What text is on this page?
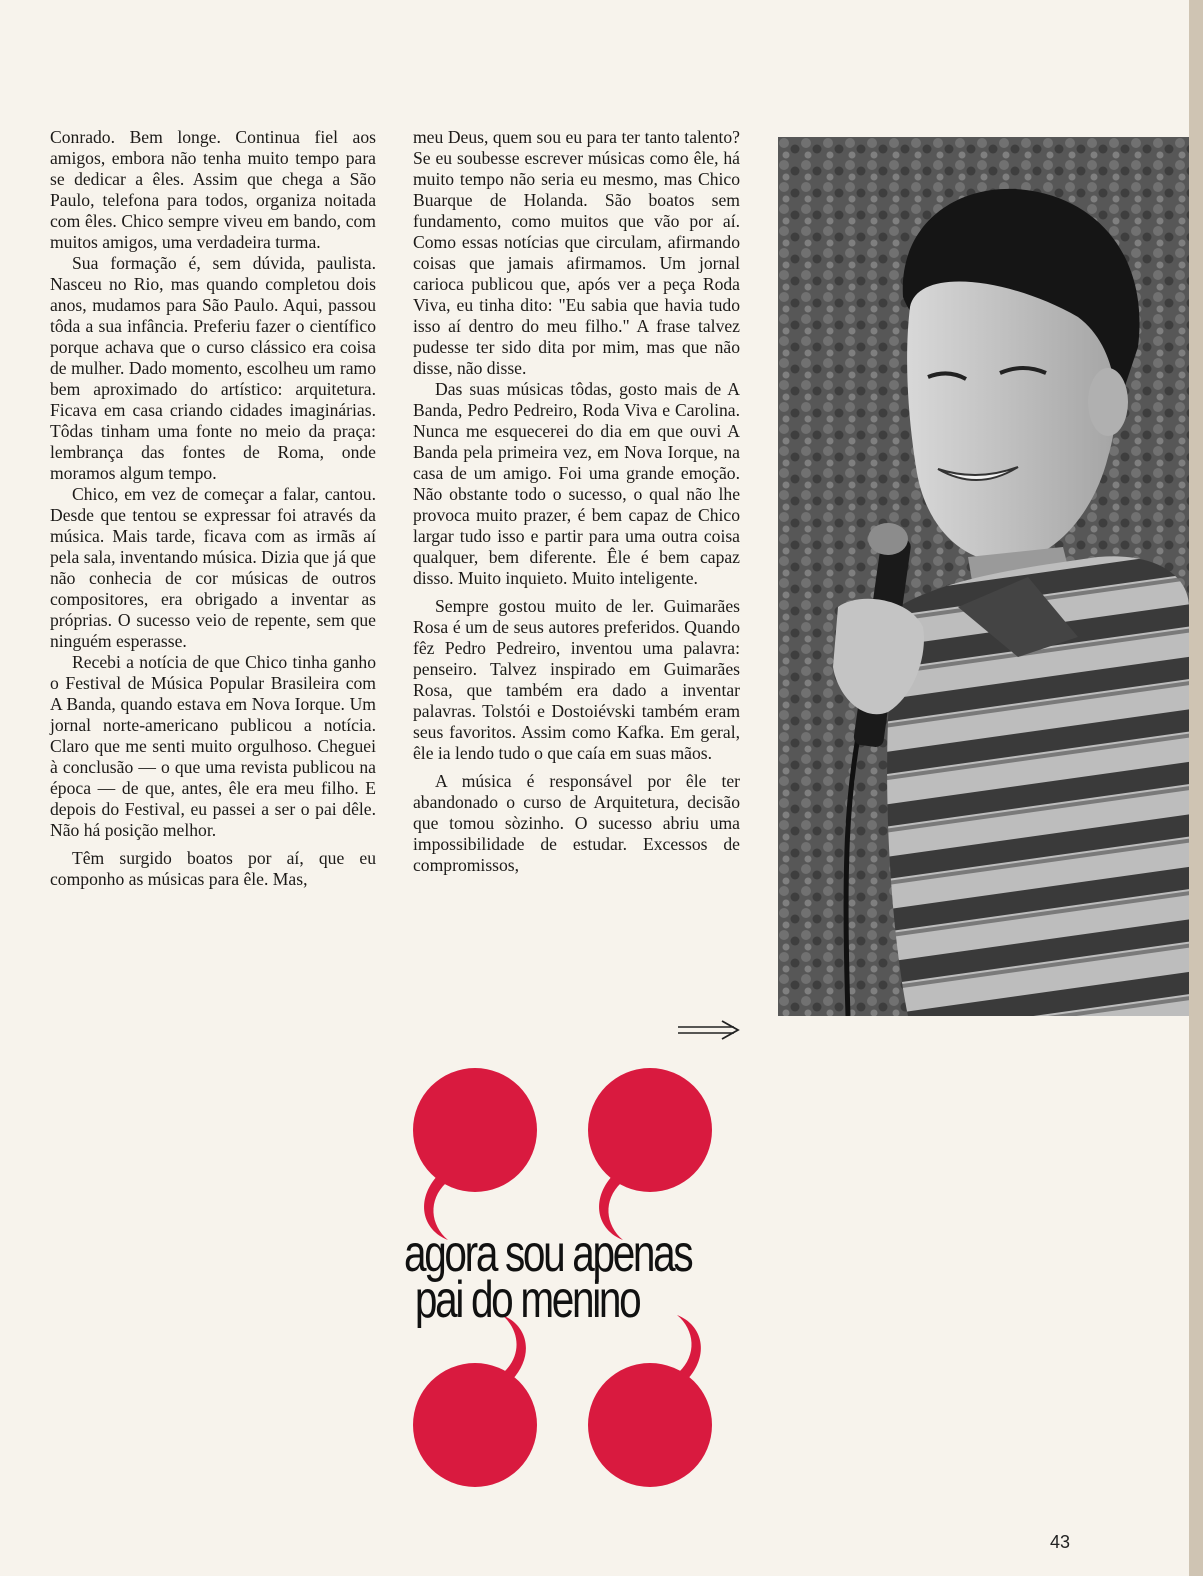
Conrado. Bem longe. Continua fiel aos amigos, embora não tenha muito tempo para se dedicar a êles. Assim que chega a São Paulo, telefona para todos, organiza noitada com êles. Chico sempre viveu em bando, com muitos amigos, uma verdadeira turma.

Sua formação é, sem dúvida, paulista. Nasceu no Rio, mas quando completou dois anos, mudamos para São Paulo. Aqui, passou tôda a sua infância. Preferiu fazer o científico porque achava que o curso clássico era coisa de mulher. Dado momento, escolheu um ramo bem aproximado do artístico: arquitetura. Ficava em casa criando cidades imaginárias. Tôdas tinham uma fonte no meio da praça: lembrança das fontes de Roma, onde moramos algum tempo.

Chico, em vez de começar a falar, cantou. Desde que tentou se expressar foi através da música. Mais tarde, ficava com as irmãs aí pela sala, inventando música. Dizia que já que não conhecia de cor músicas de outros compositores, era obrigado a inventar as próprias. O sucesso veio de repente, sem que ninguém esperasse.

Recebi a notícia de que Chico tinha ganho o Festival de Música Popular Brasileira com A Banda, quando estava em Nova Iorque. Um jornal norte-americano publicou a notícia. Claro que me senti muito orgulhoso. Cheguei à conclusão — o que uma revista publicou na época — de que, antes, êle era meu filho. E depois do Festival, eu passei a ser o pai dêle. Não há posição melhor.

Têm surgido boatos por aí, que eu componho as músicas para êle. Mas,

meu Deus, quem sou eu para ter tanto talento? Se eu soubesse escrever músicas como êle, há muito tempo não seria eu mesmo, mas Chico Buarque de Holanda. São boatos sem fundamento, como muitos que vão por aí. Como essas notícias que circulam, afirmando coisas que jamais afirmamos. Um jornal carioca publicou que, após ver a peça Roda Viva, eu tinha dito: "Eu sabia que havia tudo isso aí dentro do meu filho." A frase talvez pudesse ter sido dita por mim, mas que não disse, não disse.

Das suas músicas tôdas, gosto mais de A Banda, Pedro Pedreiro, Roda Viva e Carolina. Nunca me esquecerei do dia em que ouvi A Banda pela primeira vez, em Nova Iorque, na casa de um amigo. Foi uma grande emoção. Não obstante todo o sucesso, o qual não lhe provoca muito prazer, é bem capaz de Chico largar tudo isso e partir para uma outra coisa qualquer, bem diferente. Êle é bem capaz disso. Muito inquieto. Muito inteligente.

Sempre gostou muito de ler. Guimarães Rosa é um de seus autores preferidos. Quando fêz Pedro Pedreiro, inventou uma palavra: penseiro. Talvez inspirado em Guimarães Rosa, que também era dado a inventar palavras. Tolstói e Dostoiévski também eram seus favoritos. Assim como Kafka. Em geral, êle ia lendo tudo o que caía em suas mãos.

A música é responsável por êle ter abandonado o curso de Arquitetura, decisão que tomou sòzinho. O sucesso abriu uma impossibilidade de estudar. Excessos de compromissos,

agora sou apenas
pai do menino
43
